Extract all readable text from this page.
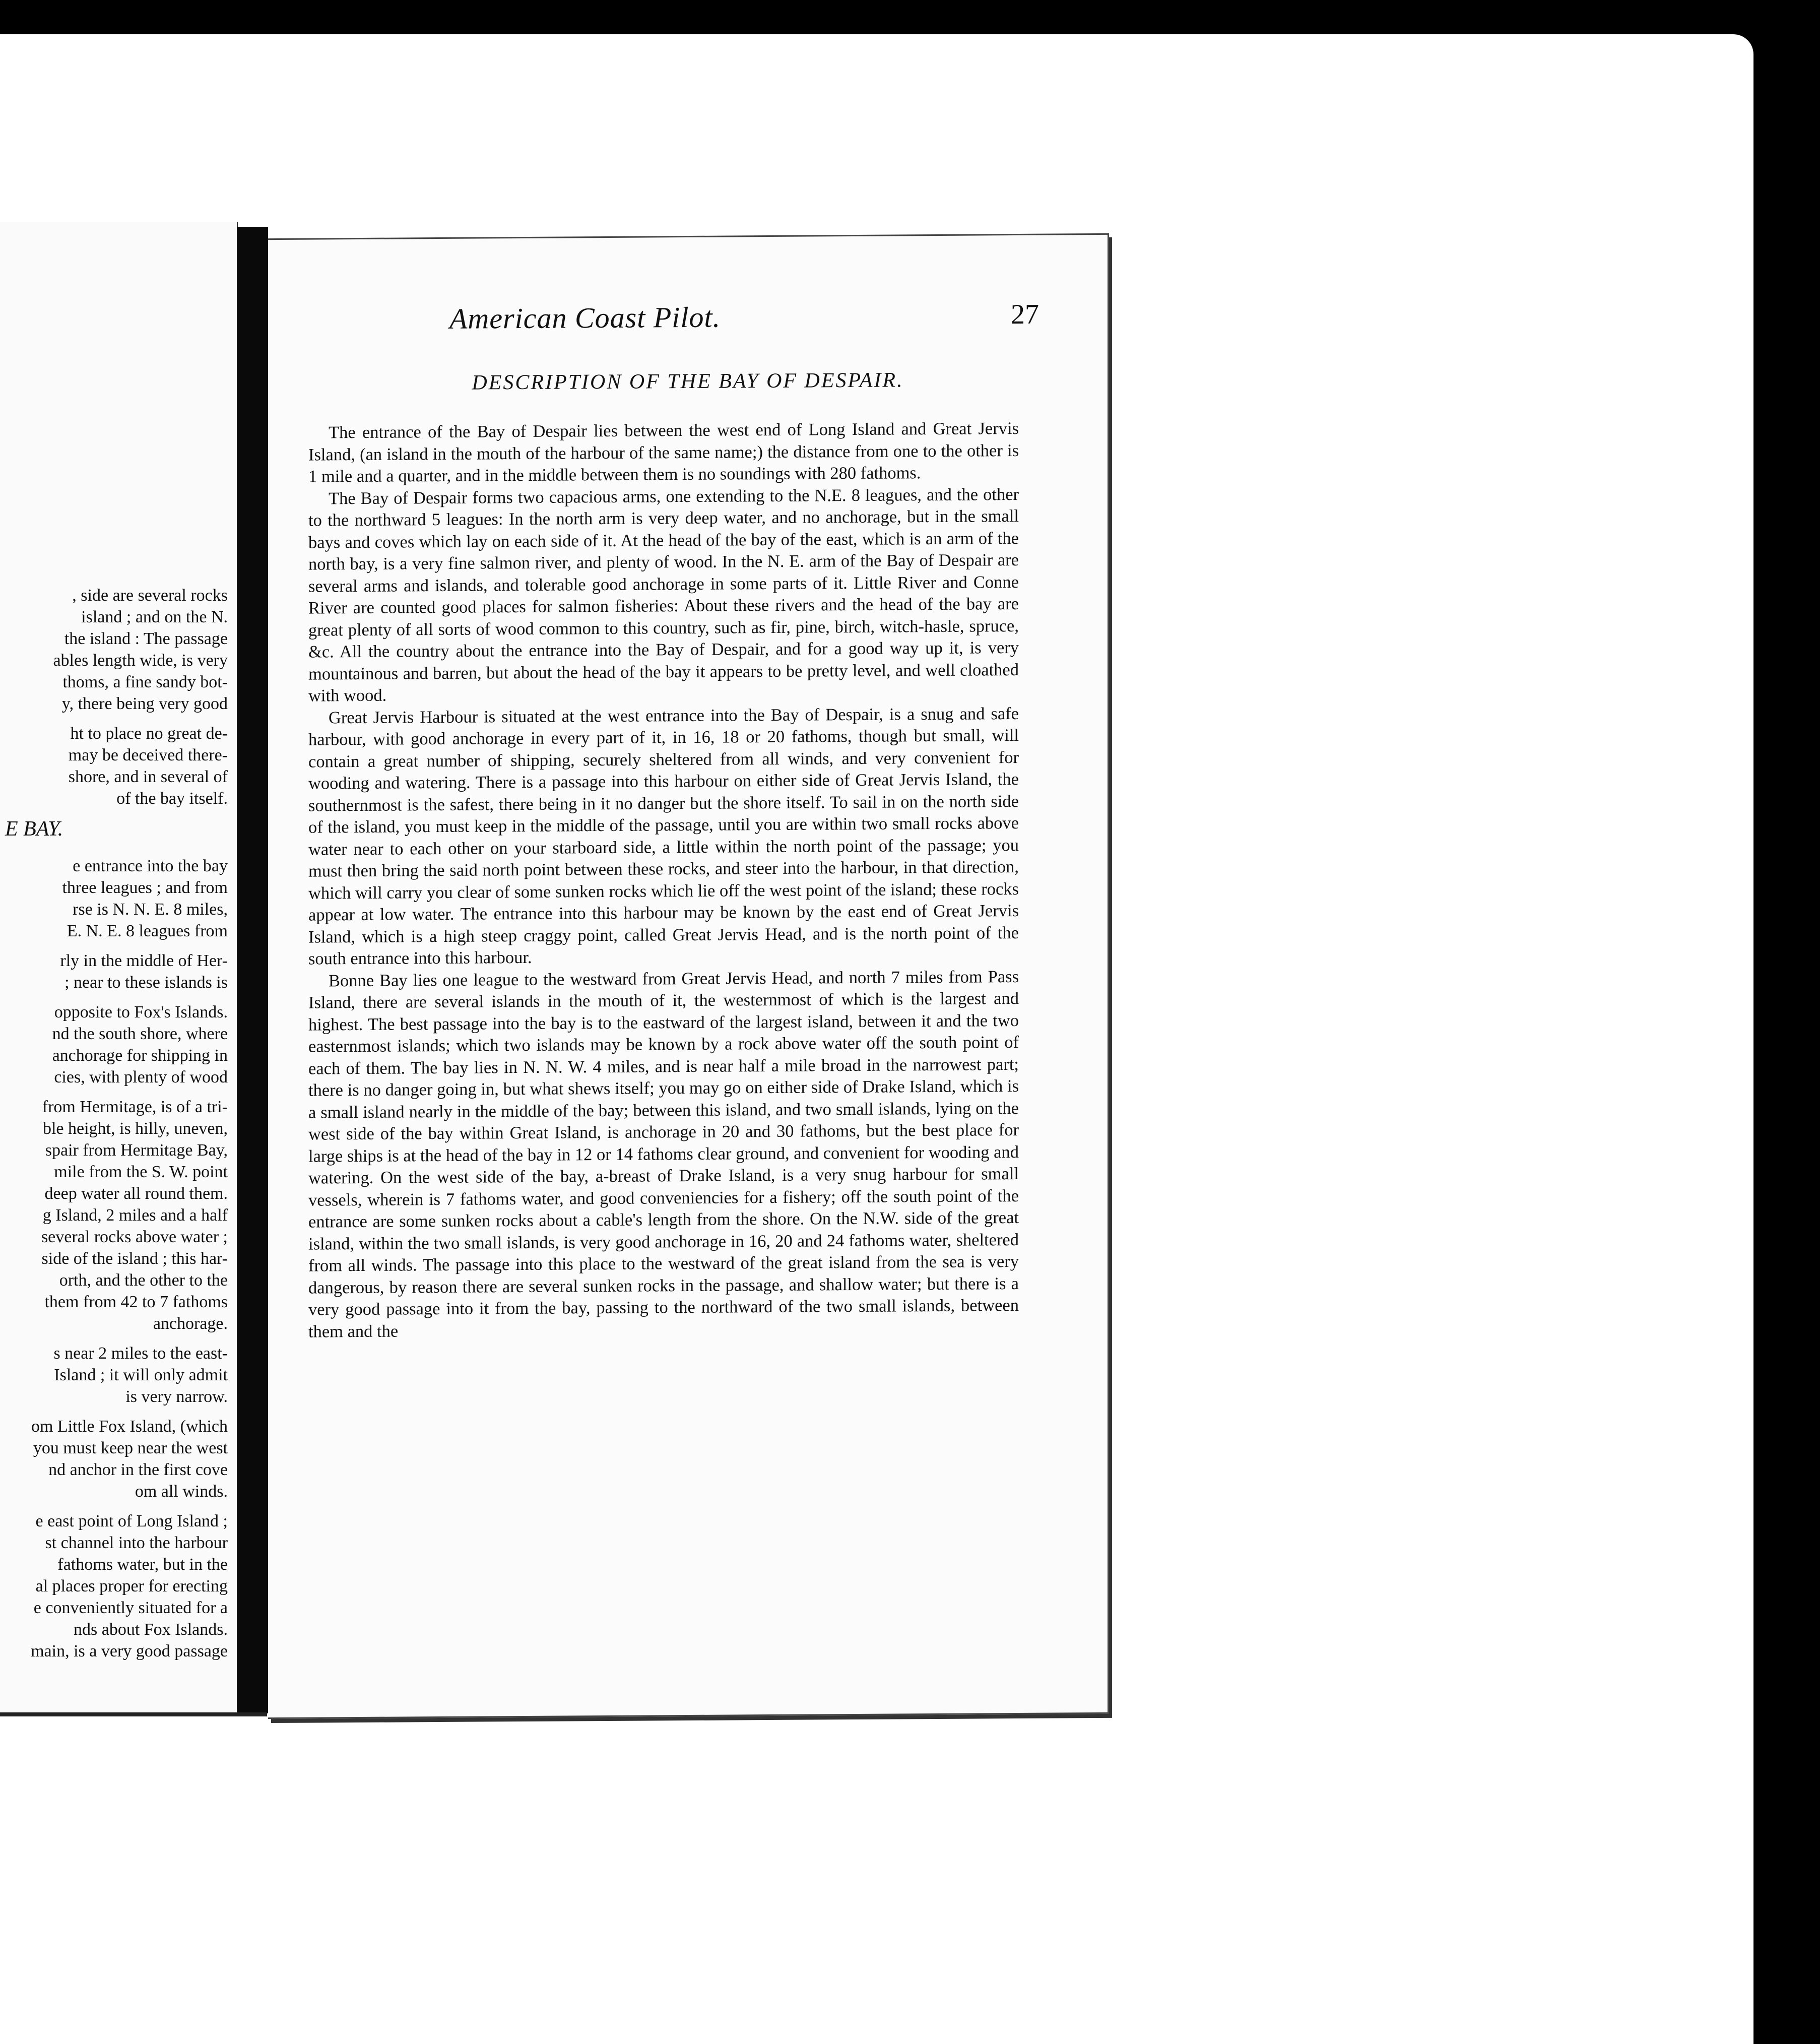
, side are several rocks
island ; and on the N.
the island : The passage
ables length wide, is very
thoms, a fine sandy bot-
y, there being very good
ht to place no great de-
may be deceived there-
shore, and in several of
of the bay itself.
E BAY.
e entrance into the bay
three leagues ; and from
rse is N. N. E. 8 miles,
E. N. E. 8 leagues from
rly in the middle of Her-
; near to these islands is
opposite to Fox's Islands.
nd the south shore, where
anchorage for shipping in
cies, with plenty of wood
from Hermitage, is of a tri-
ble height, is hilly, uneven,
spair from Hermitage Bay,
mile from the S. W. point
deep water all round them.
g Island, 2 miles and a half
several rocks above water ;
side of the island ; this har-
orth, and the other to the
them from 42 to 7 fathoms
anchorage.
s near 2 miles to the east-
Island ; it will only admit
is very narrow.
om Little Fox Island, (which
you must keep near the west
nd anchor in the first cove
om all winds.
e east point of Long Island ;
st channel into the harbour
fathoms water, but in the
al places proper for erecting
e conveniently situated for a
nds about Fox Islands.
main, is a very good passage
American Coast Pilot.	27
DESCRIPTION OF THE BAY OF DESPAIR.

The entrance of the Bay of Despair lies between the west end of Long Island and Great Jervis Island, (an island in the mouth of the harbour of the same name;) the distance from one to the other is 1 mile and a quarter, and in the middle between them is no soundings with 280 fathoms.

The Bay of Despair forms two capacious arms, one extending to the N.E. 8 leagues, and the other to the northward 5 leagues: In the north arm is very deep water, and no anchorage, but in the small bays and coves which lay on each side of it. At the head of the bay of the east, which is an arm of the north bay, is a very fine salmon river, and plenty of wood. In the N. E. arm of the Bay of Despair are several arms and islands, and tolerable good anchorage in some parts of it. Little River and Conne River are counted good places for salmon fisheries: About these rivers and the head of the bay are great plenty of all sorts of wood common to this country, such as fir, pine, birch, witch-hasle, spruce, &c. All the country about the entrance into the Bay of Despair, and for a good way up it, is very mountainous and barren, but about the head of the bay it appears to be pretty level, and well cloathed with wood.

Great Jervis Harbour is situated at the west entrance into the Bay of Despair, is a snug and safe harbour, with good anchorage in every part of it, in 16, 18 or 20 fathoms, though but small, will contain a great number of shipping, securely sheltered from all winds, and very convenient for wooding and watering. There is a passage into this harbour on either side of Great Jervis Island, the southernmost is the safest, there being in it no danger but the shore itself. To sail in on the north side of the island, you must keep in the middle of the passage, until you are within two small rocks above water near to each other on your starboard side, a little within the north point of the passage; you must then bring the said north point between these rocks, and steer into the harbour, in that direction, which will carry you clear of some sunken rocks which lie off the west point of the island; these rocks appear at low water. The entrance into this harbour may be known by the east end of Great Jervis Island, which is a high steep craggy point, called Great Jervis Head, and is the north point of the south entrance into this harbour.

Bonne Bay lies one league to the westward from Great Jervis Head, and north 7 miles from Pass Island, there are several islands in the mouth of it, the westernmost of which is the largest and highest. The best passage into the bay is to the eastward of the largest island, between it and the two easternmost islands; which two islands may be known by a rock above water off the south point of each of them. The bay lies in N. N. W. 4 miles, and is near half a mile broad in the narrowest part; there is no danger going in, but what shews itself; you may go on either side of Drake Island, which is a small island nearly in the middle of the bay; between this island, and two small islands, lying on the west side of the bay within Great Island, is anchorage in 20 and 30 fathoms, but the best place for large ships is at the head of the bay in 12 or 14 fathoms clear ground, and convenient for wooding and watering. On the west side of the bay, a-breast of Drake Island, is a very snug harbour for small vessels, wherein is 7 fathoms water, and good conveniencies for a fishery; off the south point of the entrance are some sunken rocks about a cable's length from the shore. On the N.W. side of the great island, within the two small islands, is very good anchorage in 16, 20 and 24 fathoms water, sheltered from all winds. The passage into this place to the westward of the great island from the sea is very dangerous, by reason there are several sunken rocks in the passage, and shallow water; but there is a very good passage into it from the bay, passing to the northward of the two small islands, between them and the
